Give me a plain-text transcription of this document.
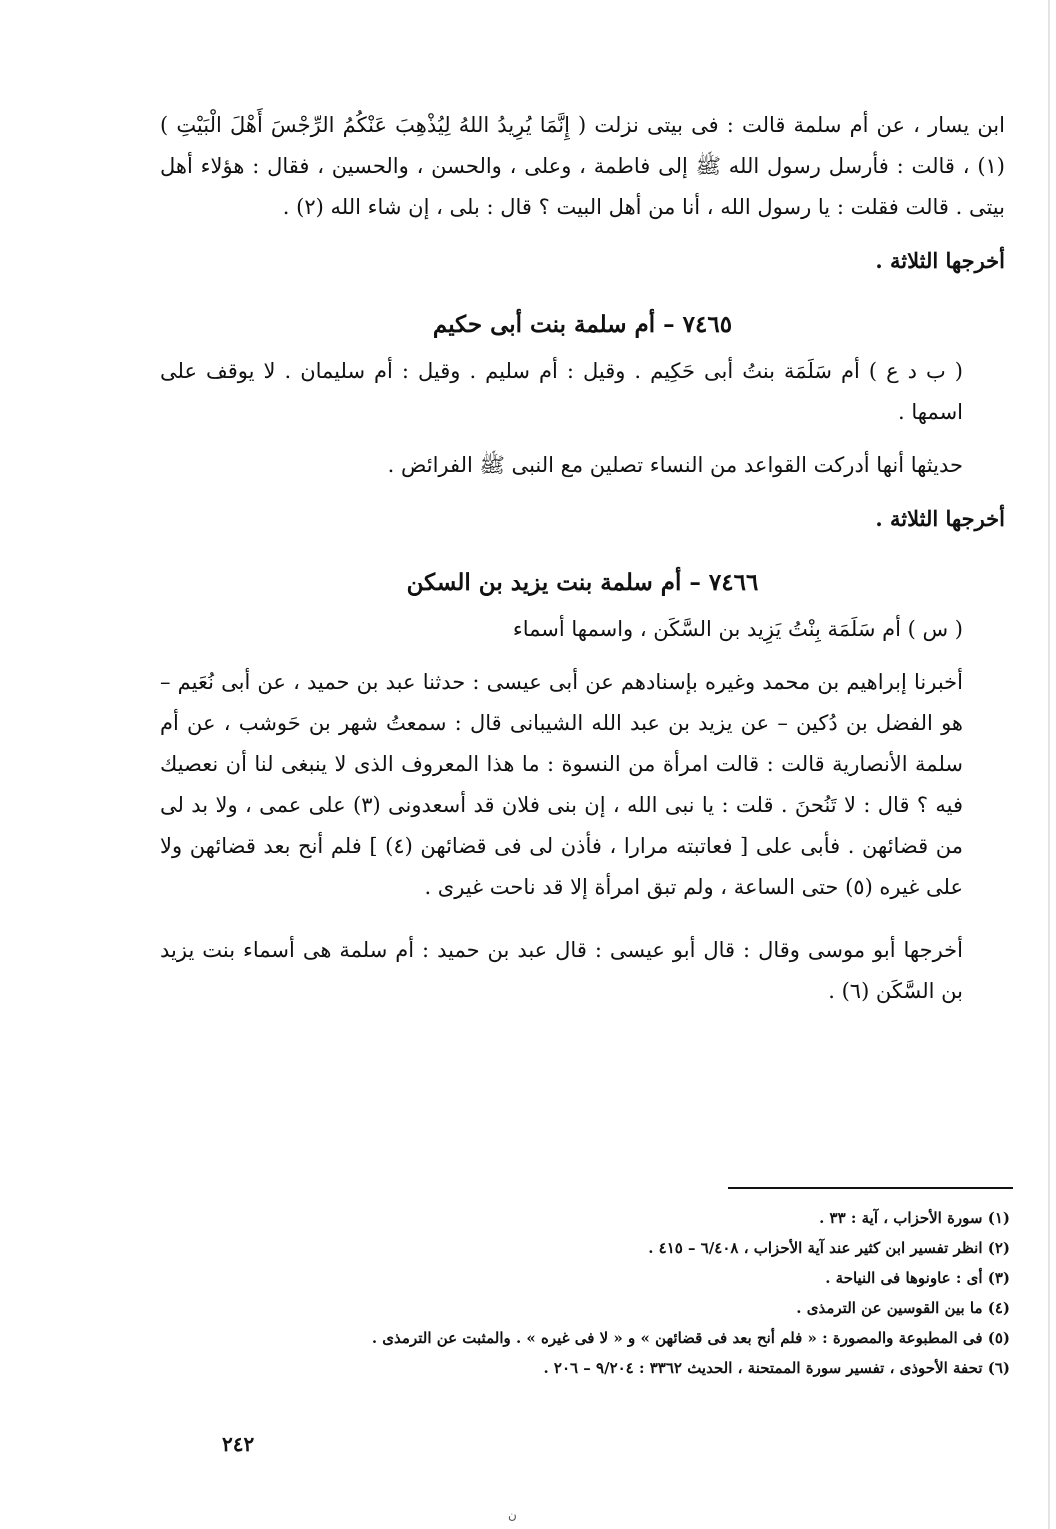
ابن يسار ، عن أم سلمة قالت : فى بيتى نزلت ( إِنَّمَا يُرِيدُ اللهُ لِيُذْهِبَ عَنْكُمُ الرِّجْسَ أَهْلَ الْبَيْتِ ) (١) ، قالت : فأرسل رسول الله ﷺ إلى فاطمة ، وعلى ، والحسن ، والحسين ، فقال : هؤلاء أهل بيتى . قالت فقلت : يا رسول الله ، أنا من أهل البيت ؟ قال : بلى ، إن شاء الله (٢) .

أخرجها الثلاثة .

٧٤٦٥ – أم سلمة بنت أبى حكيم

( ب د ع ) أم سَلَمَة بنتُ أبى حَكِيم . وقيل : أم سليم . وقيل : أم سليمان . لا يوقف على اسمها .

حديثها أنها أدركت القواعد من النساء تصلين مع النبى ﷺ الفرائض .

أخرجها الثلاثة .

٧٤٦٦ – أم سلمة بنت يزيد بن السكن

( س ) أم سَلَمَة بِنْتُ يَزِيد بن السَّكَن ، واسمها أسماء

أخبرنا إبراهيم بن محمد وغيره بإسنادهم عن أبى عيسى : حدثنا عبد بن حميد ، عن أبى نُعَيم – هو الفضل بن دُكين – عن يزيد بن عبد الله الشيبانى قال : سمعتُ شهر بن حَوشب ، عن أم سلمة الأنصارية قالت : قالت امرأة من النسوة : ما هذا المعروف الذى لا ينبغى لنا أن نعصيك فيه ؟ قال : لا تَنُحنَ . قلت : يا نبى الله ، إن بنى فلان قد أسعدونى (٣) على عمى ، ولا بد لى من قضائهن . فأبى على [ فعاتبته مرارا ، فأذن لى فى قضائهن (٤) ] فلم أنح بعد قضائهن ولا على غيره (٥) حتى الساعة ، ولم تبق امرأة إلا قد ناحت غيرى .

أخرجها أبو موسى وقال : قال أبو عيسى : قال عبد بن حميد : أم سلمة هى أسماء بنت يزيد بن السَّكَن (٦) .

(١) سورة الأحزاب ، آية : ٣٣ .
(٢) انظر تفسير ابن كثير عند آية الأحزاب ، ٦/٤٠٨ – ٤١٥ .
(٣) أى : عاونوها فى النياحة .
(٤) ما بين القوسين عن الترمذى .
(٥) فى المطبوعة والمصورة : « فلم أنح بعد فى قضائهن » و « لا فى غيره » . والمثبت عن الترمذى .
(٦) تحفة الأحوذى ، تفسير سورة الممتحنة ، الحديث ٣٣٦٢ : ٩/٢٠٤ – ٢٠٦ .
٢٤٢
ن
